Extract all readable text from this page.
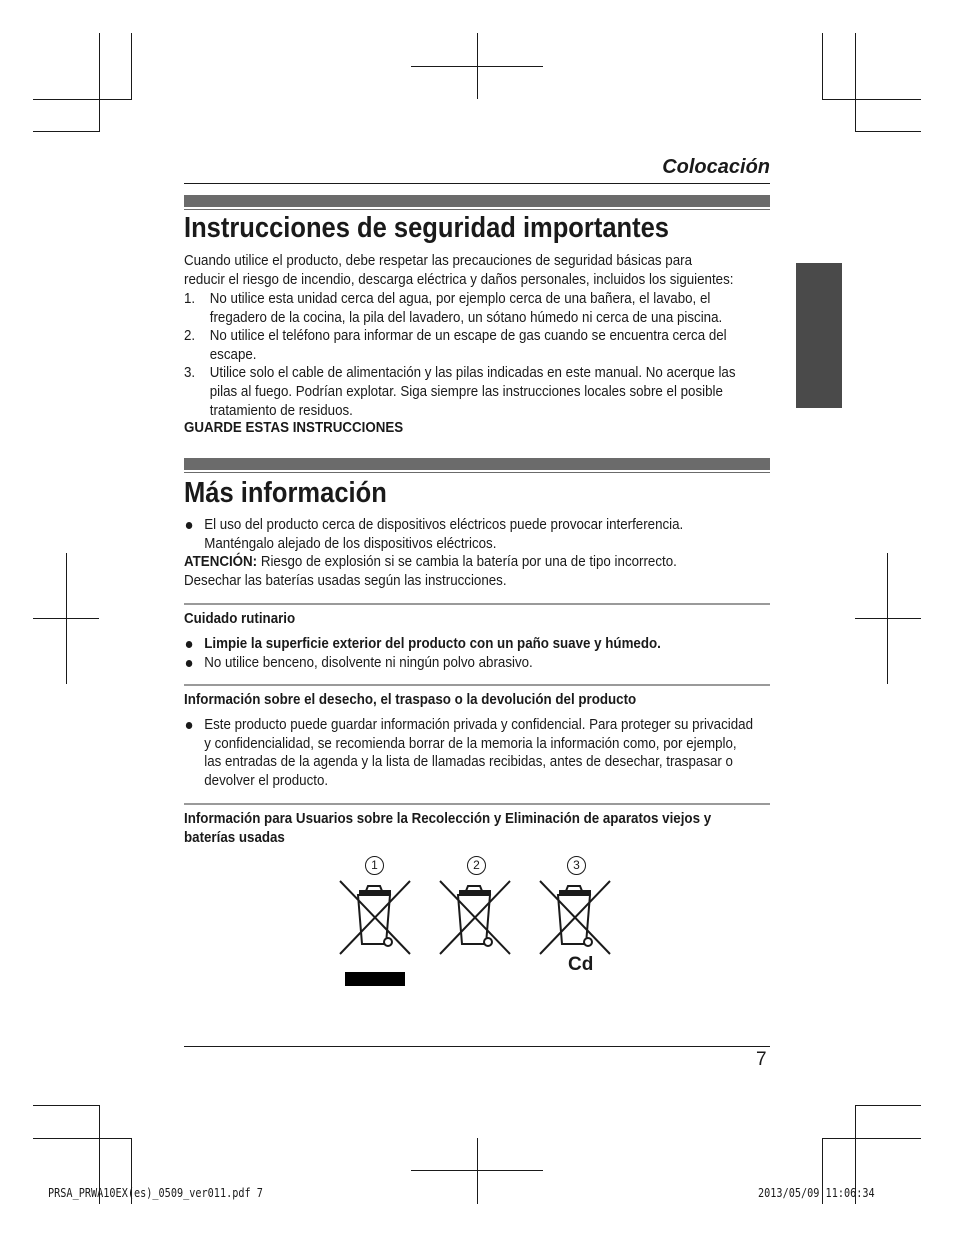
Colocación
Instrucciones de seguridad importantes
Cuando utilice el producto, debe respetar las precauciones de seguridad básicas para reducir el riesgo de incendio, descarga eléctrica y daños personales, incluidos los siguientes:
1. No utilice esta unidad cerca del agua, por ejemplo cerca de una bañera, el lavabo, el fregadero de la cocina, la pila del lavadero, un sótano húmedo ni cerca de una piscina.
2. No utilice el teléfono para informar de un escape de gas cuando se encuentra cerca del escape.
3. Utilice solo el cable de alimentación y las pilas indicadas en este manual. No acerque las pilas al fuego. Podrían explotar. Siga siempre las instrucciones locales sobre el posible tratamiento de residuos.
GUARDE ESTAS INSTRUCCIONES
Más información
El uso del producto cerca de dispositivos eléctricos puede provocar interferencia. Manténgalo alejado de los dispositivos eléctricos.
ATENCIÓN: Riesgo de explosión si se cambia la batería por una de tipo incorrecto. Desechar las baterías usadas según las instrucciones.
Cuidado rutinario
Limpie la superficie exterior del producto con un paño suave y húmedo.
No utilice benceno, disolvente ni ningún polvo abrasivo.
Información sobre el desecho, el traspaso o la devolución del producto
Este producto puede guardar información privada y confidencial. Para proteger su privacidad y confidencialidad, se recomienda borrar de la memoria la información como, por ejemplo, las entradas de la agenda y la lista de llamadas recibidas, antes de desechar, traspasar o devolver el producto.
Información para Usuarios sobre la Recolección y Eliminación de aparatos viejos y baterías usadas
1	2	3
Cd
7
PRSA_PRWA10EX(es)_0509_ver011.pdf 7	2013/05/09 11:06:34
